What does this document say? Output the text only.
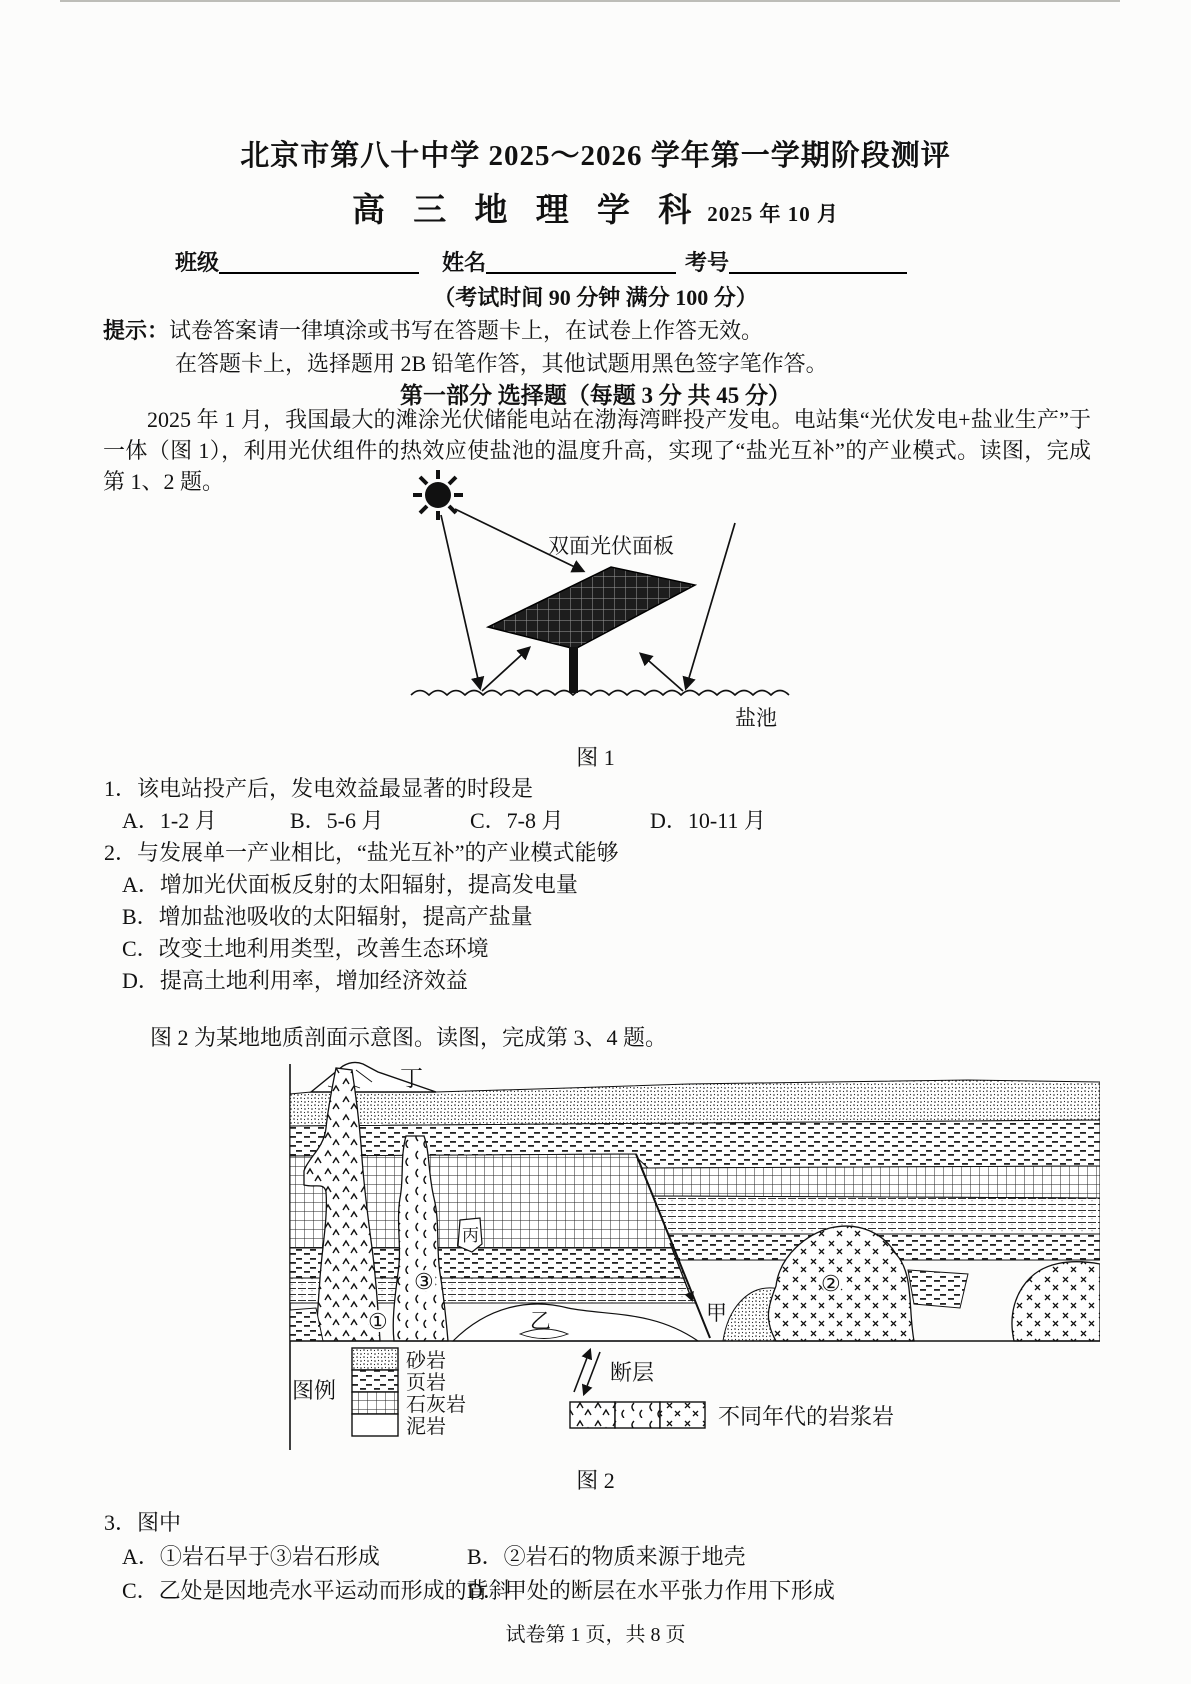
北京市第八十中学 2025～2026 学年第一学期阶段测评
高 三 地 理 学 科 2025 年 10 月
班级	姓名	考号
（考试时间 90 分钟 满分 100 分）
提示：试卷答案请一律填涂或书写在答题卡上，在试卷上作答无效。
在答题卡上，选择题用 2B 铅笔作答，其他试题用黑色签字笔作答。
第一部分 选择题（每题 3 分 共 45 分）
2025 年 1 月，我国最大的滩涂光伏储能电站在渤海湾畔投产发电。电站集“光伏发电+盐业生产”于一体（图 1），利用光伏组件的热效应使盐池的温度升高，实现了“盐光互补”的产业模式。读图，完成第 1、2 题。
双面光伏面板
盐池
图 1
1．该电站投产后，发电效益最显著的时段是
A．1-2 月	B．5-6 月	C．7-8 月	D．10-11 月
2．与发展单一产业相比，“盐光互补”的产业模式能够
A．增加光伏面板反射的太阳辐射，提高发电量
B．增加盐池吸收的太阳辐射，提高产盐量
C．改变土地利用类型，改善生态环境
D．提高土地利用率，增加经济效益
图 2 为某地地质剖面示意图。读图，完成第 3、4 题。
丁
丙
①
③
乙	甲
②
图例
砂岩
页岩
石灰岩
泥岩
断层
不同年代的岩浆岩
图 2
3．图中
A．①岩石早于③岩石形成	B．②岩石的物质来源于地壳
C．乙处是因地壳水平运动而形成的背斜
D．甲处的断层在水平张力作用下形成
试卷第 1 页，共 8 页
